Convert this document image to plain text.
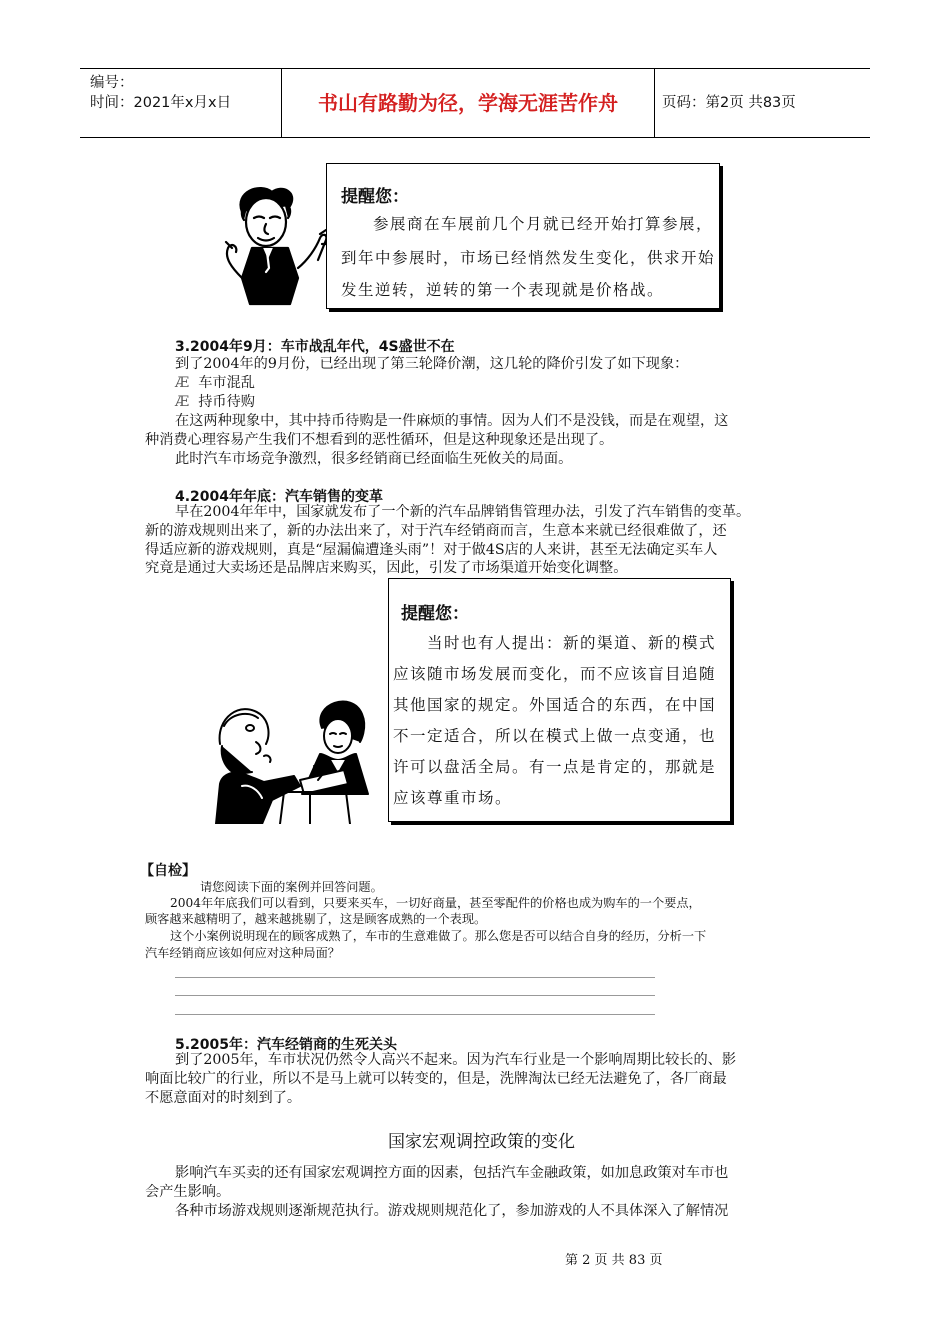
编号：
时间：2021年x月x日	书山有路勤为径，学海无涯苦作舟	页码：第2页 共83页
提醒您：
参展商在车展前几个月就已经开始打算参展，
到年中参展时，市场已经悄然发生变化，供求开始
发生逆转，逆转的第一个表现就是价格战。
3.2004年9月：车市战乱年代，4S盛世不在
到了2004年的9月份，已经出现了第三轮降价潮，这几轮的降价引发了如下现象：
Æ 车市混乱
Æ 持币待购
在这两种现象中，其中持币待购是一件麻烦的事情。因为人们不是没钱，而是在观望，这
种消费心理容易产生我们不想看到的恶性循环，但是这种现象还是出现了。
此时汽车市场竞争激烈，很多经销商已经面临生死攸关的局面。
4.2004年年底：汽车销售的变革
早在2004年年中，国家就发布了一个新的汽车品牌销售管理办法，引发了汽车销售的变革。
新的游戏规则出来了，新的办法出来了，对于汽车经销商而言，生意本来就已经很难做了，还
得适应新的游戏规则，真是“屋漏偏遭逢头雨”！对于做4S店的人来讲，甚至无法确定买车人
究竟是通过大卖场还是品牌店来购买，因此，引发了市场渠道开始变化调整。
提醒您：
当时也有人提出：新的渠道、新的模式
应该随市场发展而变化，而不应该盲目追随
其他国家的规定。外国适合的东西，在中国
不一定适合，所以在模式上做一点变通，也
许可以盘活全局。有一点是肯定的，那就是
应该尊重市场。
【自检】
请您阅读下面的案例并回答问题。
2004年年底我们可以看到，只要来买车，一切好商量，甚至零配件的价格也成为购车的一个要点，
顾客越来越精明了，越来越挑剔了，这是顾客成熟的一个表现。
这个小案例说明现在的顾客成熟了，车市的生意难做了。那么您是否可以结合自身的经历，分析一下
汽车经销商应该如何应对这种局面？
5.2005年：汽车经销商的生死关头
到了2005年，车市状况仍然令人高兴不起来。因为汽车行业是一个影响周期比较长的、影
响面比较广的行业，所以不是马上就可以转变的，但是，洗牌淘汰已经无法避免了，各厂商最
不愿意面对的时刻到了。
国家宏观调控政策的变化
影响汽车买卖的还有国家宏观调控方面的因素，包括汽车金融政策，如加息政策对车市也
会产生影响。
各种市场游戏规则逐渐规范执行。游戏规则规范化了，参加游戏的人不具体深入了解情况
第 2 页 共 83 页
